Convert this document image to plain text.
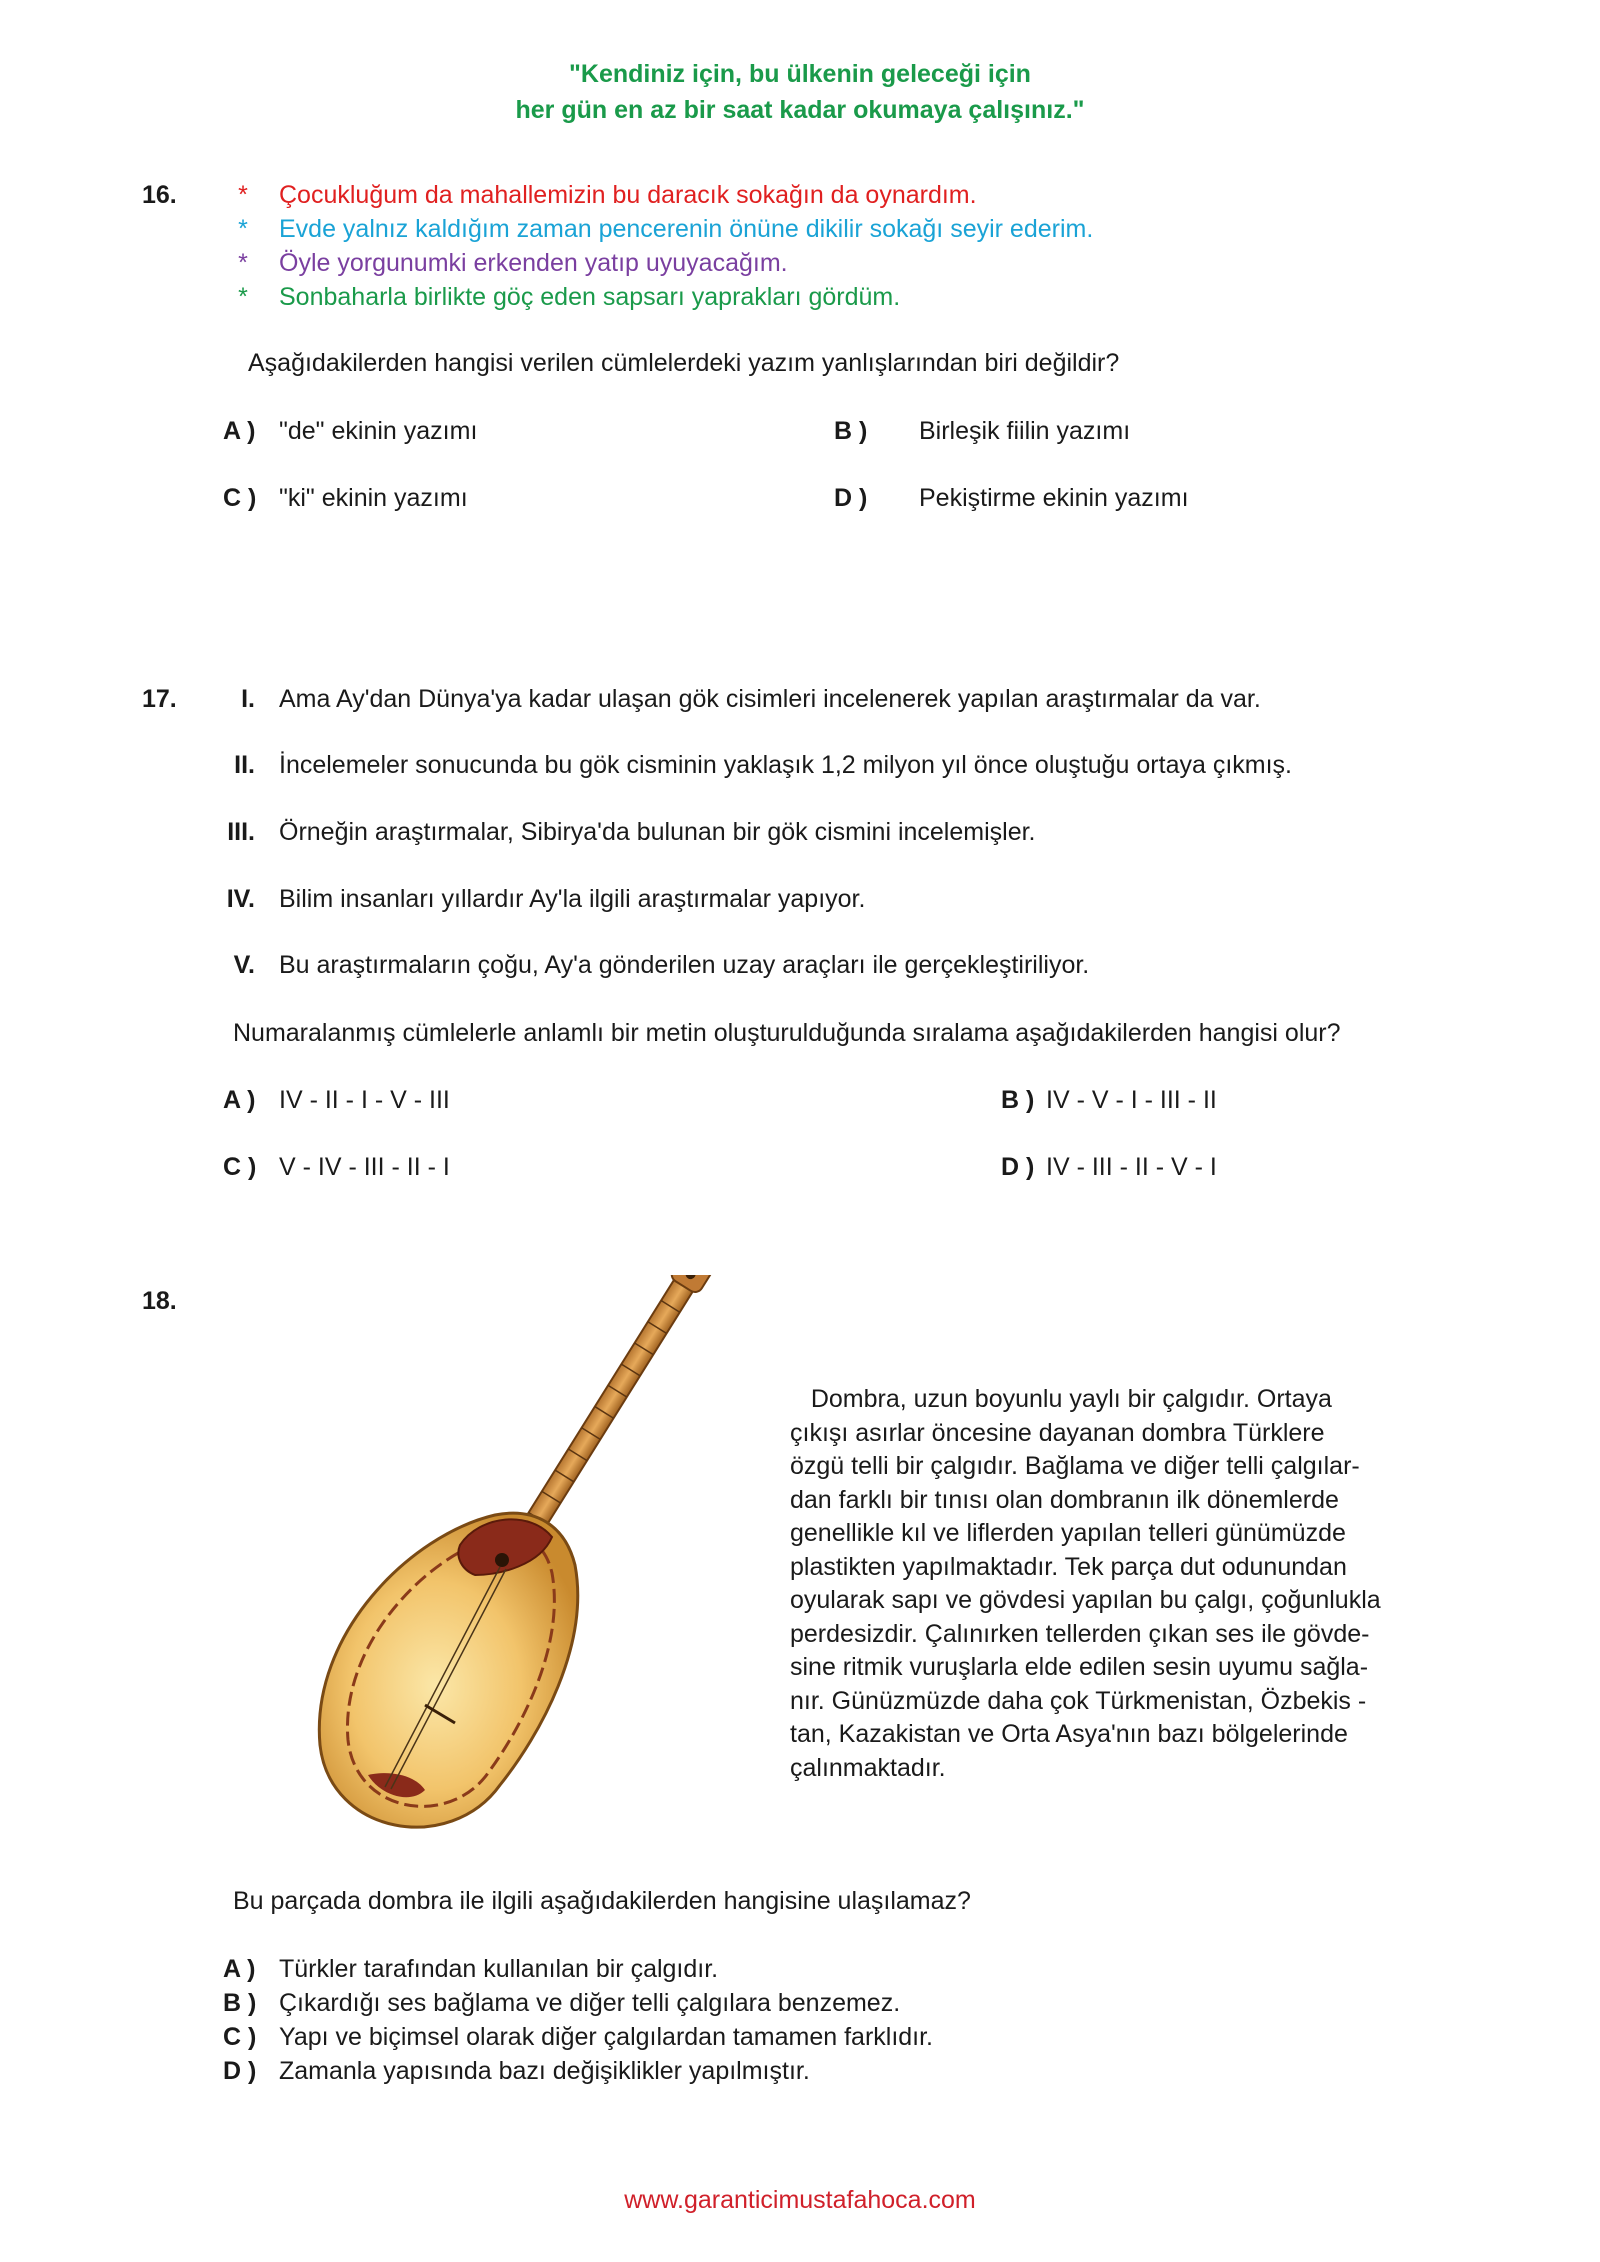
"Kendiniz için, bu ülkenin geleceği için
her gün en az bir saat kadar okumaya çalışınız."
16. * Çocukluğum da mahallemizin bu daracık sokağın da oynardım.
* Evde yalnız kaldığım zaman pencerenin önüne dikilir sokağı seyir ederim.
* Öyle yorgunumki erkenden yatıp uyuyacağım.
* Sonbaharla birlikte göç eden sapsarı yaprakları gördüm.
Aşağıdakilerden hangisi verilen cümlelerdeki yazım yanlışlarından biri değildir?
A ) "de" ekinin yazımı	B ) Birleşik fiilin yazımı
C ) "ki" ekinin yazımı	D ) Pekiştirme ekinin yazımı
17.	I. Ama Ay'dan Dünya'ya kadar ulaşan gök cisimleri incelenerek yapılan araştırmalar da var.
II. İncelemeler sonucunda bu gök cisminin yaklaşık 1,2 milyon yıl önce oluştuğu ortaya çıkmış.
III. Örneğin araştırmalar, Sibirya'da bulunan bir gök cismini incelemişler.
IV. Bilim insanları yıllardır Ay'la ilgili araştırmalar yapıyor.
V. Bu araştırmaların çoğu, Ay'a gönderilen uzay araçları ile gerçekleştiriliyor.
Numaralanmış cümlelerle anlamlı bir metin oluşturulduğunda sıralama aşağıdakilerden hangisi olur?
A ) IV - II - I - V - III	B ) IV - V - I - III - II
C ) V - IV - III - II - I	D ) IV - III - II - V - I
18.
Dombra, uzun boyunlu yaylı bir çalgıdır. Ortaya
çıkışı asırlar öncesine dayanan dombra Türklere
özgü telli bir çalgıdır. Bağlama ve diğer telli çalgılar-
dan farklı bir tınısı olan dombranın ilk dönemlerde
genellikle kıl ve liflerden yapılan telleri günümüzde
plastikten yapılmaktadır. Tek parça dut odunundan
oyularak sapı ve gövdesi yapılan bu çalgı, çoğunlukla
perdesizdir. Çalınırken tellerden çıkan ses ile gövde-
sine ritmik vuruşlarla elde edilen sesin uyumu sağla-
nır. Günüzmüzde daha çok Türkmenistan, Özbekis -
tan, Kazakistan ve Orta Asya'nın bazı bölgelerinde
çalınmaktadır.
Bu parçada dombra ile ilgili aşağıdakilerden hangisine ulaşılamaz?
A ) Türkler tarafından kullanılan bir çalgıdır.
B ) Çıkardığı ses bağlama ve diğer telli çalgılara benzemez.
C ) Yapı ve biçimsel olarak diğer çalgılardan tamamen farklıdır.
D ) Zamanla yapısında bazı değişiklikler yapılmıştır.
www.garanticimustafahoca.com
